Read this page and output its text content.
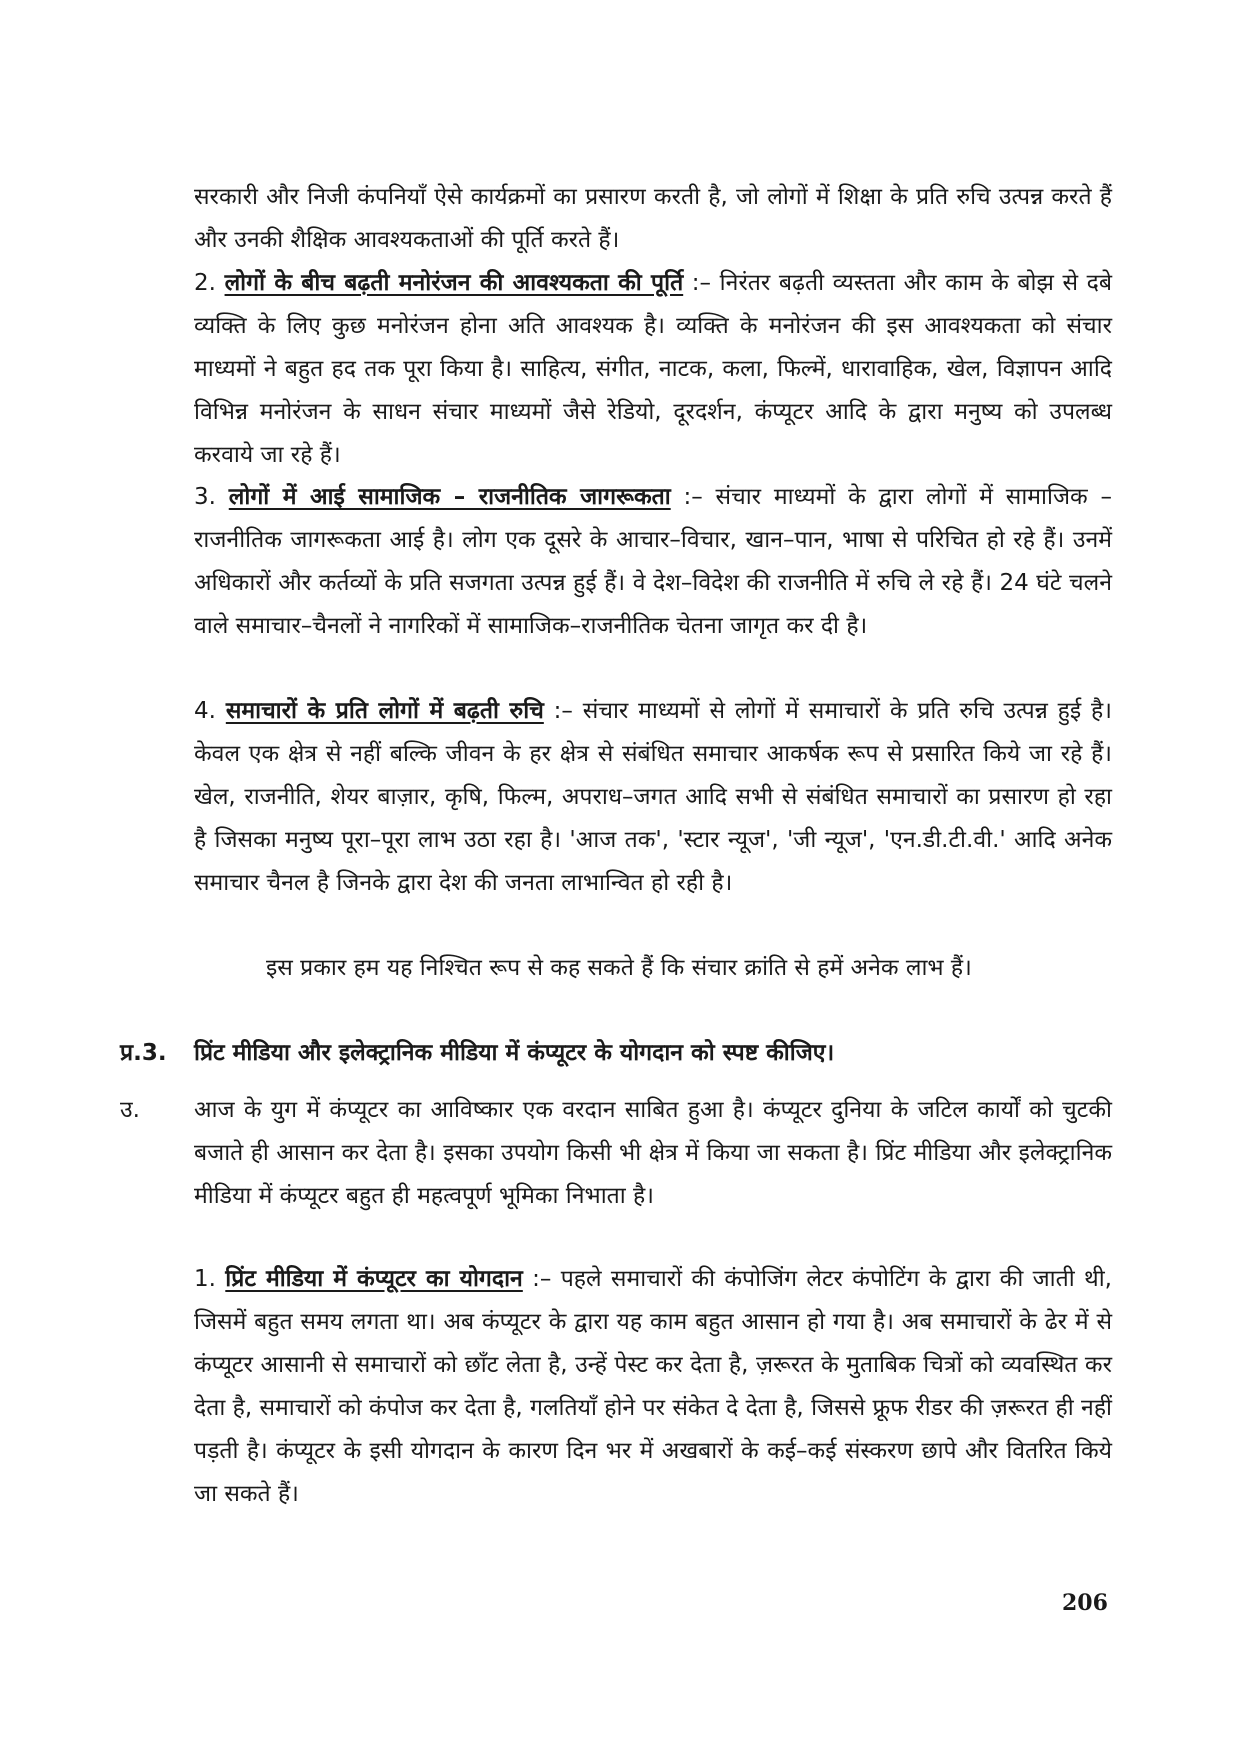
सरकारी और निजी कंपनियाँ ऐसे कार्यक्रमों का प्रसारण करती है, जो लोगों में शिक्षा के प्रति रुचि उत्पन्न करते हैं और उनकी शैक्षिक आवश्यकताओं की पूर्ति करते हैं।

2. लोगों के बीच बढ़ती मनोरंजन की आवश्यकता की पूर्ति :– निरंतर बढ़ती व्यस्तता और काम के बोझ से दबे व्यक्ति के लिए कुछ मनोरंजन होना अति आवश्यक है। व्यक्ति के मनोरंजन की इस आवश्यकता को संचार माध्यमों ने बहुत हद तक पूरा किया है। साहित्य, संगीत, नाटक, कला, फिल्में, धारावाहिक, खेल, विज्ञापन आदि विभिन्न मनोरंजन के साधन संचार माध्यमों जैसे रेडियो, दूरदर्शन, कंप्यूटर आदि के द्वारा मनुष्य को उपलब्ध करवाये जा रहे हैं।

3. लोगों में आई सामाजिक – राजनीतिक जागरूकता :– संचार माध्यमों के द्वारा लोगों में सामाजिक – राजनीतिक जागरूकता आई है। लोग एक दूसरे के आचार–विचार, खान–पान, भाषा से परिचित हो रहे हैं। उनमें अधिकारों और कर्तव्यों के प्रति सजगता उत्पन्न हुई हैं। वे देश–विदेश की राजनीति में रुचि ले रहे हैं। 24 घंटे चलने वाले समाचार–चैनलों ने नागरिकों में सामाजिक–राजनीतिक चेतना जागृत कर दी है।

4. समाचारों के प्रति लोगों में बढ़ती रुचि :– संचार माध्यमों से लोगों में समाचारों के प्रति रुचि उत्पन्न हुई है। केवल एक क्षेत्र से नहीं बल्कि जीवन के हर क्षेत्र से संबंधित समाचार आकर्षक रूप से प्रसारित किये जा रहे हैं। खेल, राजनीति, शेयर बाज़ार, कृषि, फिल्म, अपराध–जगत आदि सभी से संबंधित समाचारों का प्रसारण हो रहा है जिसका मनुष्य पूरा–पूरा लाभ उठा रहा है। 'आज तक', 'स्टार न्यूज', 'जी न्यूज', 'एन.डी.टी.वी.' आदि अनेक समाचार चैनल है जिनके द्वारा देश की जनता लाभान्वित हो रही है।

इस प्रकार हम यह निश्चित रूप से कह सकते हैं कि संचार क्रांति से हमें अनेक लाभ हैं।

प्र.3. प्रिंट मीडिया और इलेक्ट्रानिक मीडिया में कंप्यूटर के योगदान को स्पष्ट कीजिए।
उ. आज के युग में कंप्यूटर का आविष्कार एक वरदान साबित हुआ है। कंप्यूटर दुनिया के जटिल कार्यों को चुटकी बजाते ही आसान कर देता है। इसका उपयोग किसी भी क्षेत्र में किया जा सकता है। प्रिंट मीडिया और इलेक्ट्रानिक मीडिया में कंप्यूटर बहुत ही महत्वपूर्ण भूमिका निभाता है।

1. प्रिंट मीडिया में कंप्यूटर का योगदान :– पहले समाचारों की कंपोजिंग लेटर कंपोटिंग के द्वारा की जाती थी, जिसमें बहुत समय लगता था। अब कंप्यूटर के द्वारा यह काम बहुत आसान हो गया है। अब समाचारों के ढेर में से कंप्यूटर आसानी से समाचारों को छाँट लेता है, उन्हें पेस्ट कर देता है, ज़रूरत के मुताबिक चित्रों को व्यवस्थित कर देता है, समाचारों को कंपोज कर देता है, गलतियाँ होने पर संकेत दे देता है, जिससे फ्रूफ रीडर की ज़रूरत ही नहीं पड़ती है। कंप्यूटर के इसी योगदान के कारण दिन भर में अखबारों के कई–कई संस्करण छापे और वितरित किये जा सकते हैं।

206
